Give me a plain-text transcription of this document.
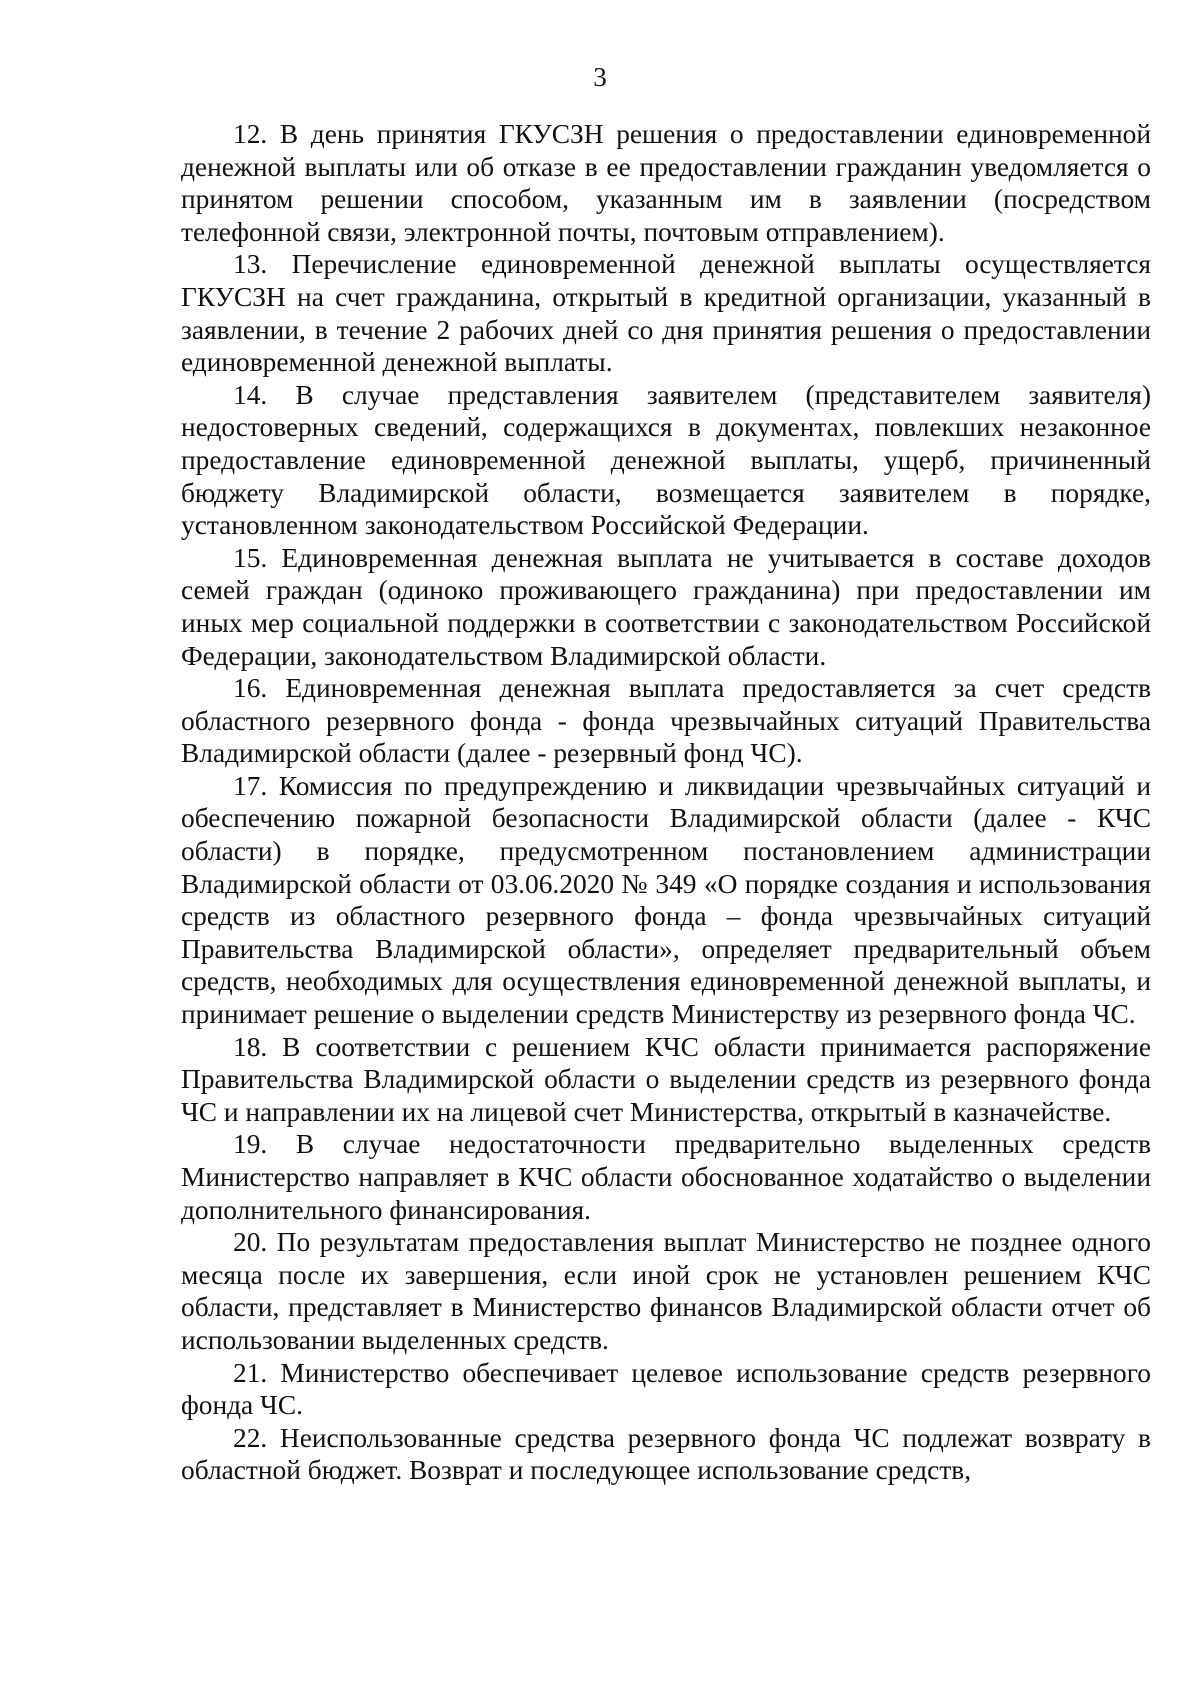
3

12. В день принятия ГКУСЗН решения о предоставлении единовременной денежной выплаты или об отказе в ее предоставлении гражданин уведомляется о принятом решении способом, указанным им в заявлении (посредством телефонной связи, электронной почты, почтовым отправлением).

13. Перечисление единовременной денежной выплаты осуществляется ГКУСЗН на счет гражданина, открытый в кредитной организации, указанный в заявлении, в течение 2 рабочих дней со дня принятия решения о предоставлении единовременной денежной выплаты.

14. В случае представления заявителем (представителем заявителя) недостоверных сведений, содержащихся в документах, повлекших незаконное предоставление единовременной денежной выплаты, ущерб, причиненный бюджету Владимирской области, возмещается заявителем в порядке, установленном законодательством Российской Федерации.

15. Единовременная денежная выплата не учитывается в составе доходов семей граждан (одиноко проживающего гражданина) при предоставлении им иных мер социальной поддержки в соответствии с законодательством Российской Федерации, законодательством Владимирской области.

16. Единовременная денежная выплата предоставляется за счет средств областного резервного фонда - фонда чрезвычайных ситуаций Правительства Владимирской области (далее - резервный фонд ЧС).

17. Комиссия по предупреждению и ликвидации чрезвычайных ситуаций и обеспечению пожарной безопасности Владимирской области (далее - КЧС области) в порядке, предусмотренном постановлением администрации Владимирской области от 03.06.2020 № 349 «О порядке создания и использования средств из областного резервного фонда – фонда чрезвычайных ситуаций Правительства Владимирской области», определяет предварительный объем средств, необходимых для осуществления единовременной денежной выплаты, и принимает решение о выделении средств Министерству из резервного фонда ЧС.

18. В соответствии с решением КЧС области принимается распоряжение Правительства Владимирской области о выделении средств из резервного фонда ЧС и направлении их на лицевой счет Министерства, открытый в казначействе.

19. В случае недостаточности предварительно выделенных средств Министерство направляет в КЧС области обоснованное ходатайство о выделении дополнительного финансирования.

20. По результатам предоставления выплат Министерство не позднее одного месяца после их завершения, если иной срок не установлен решением КЧС области, представляет в Министерство финансов Владимирской области отчет об использовании выделенных средств.

21. Министерство обеспечивает целевое использование средств резервного фонда ЧС.

22. Неиспользованные средства резервного фонда ЧС подлежат возврату в областной бюджет. Возврат и последующее использование средств,
